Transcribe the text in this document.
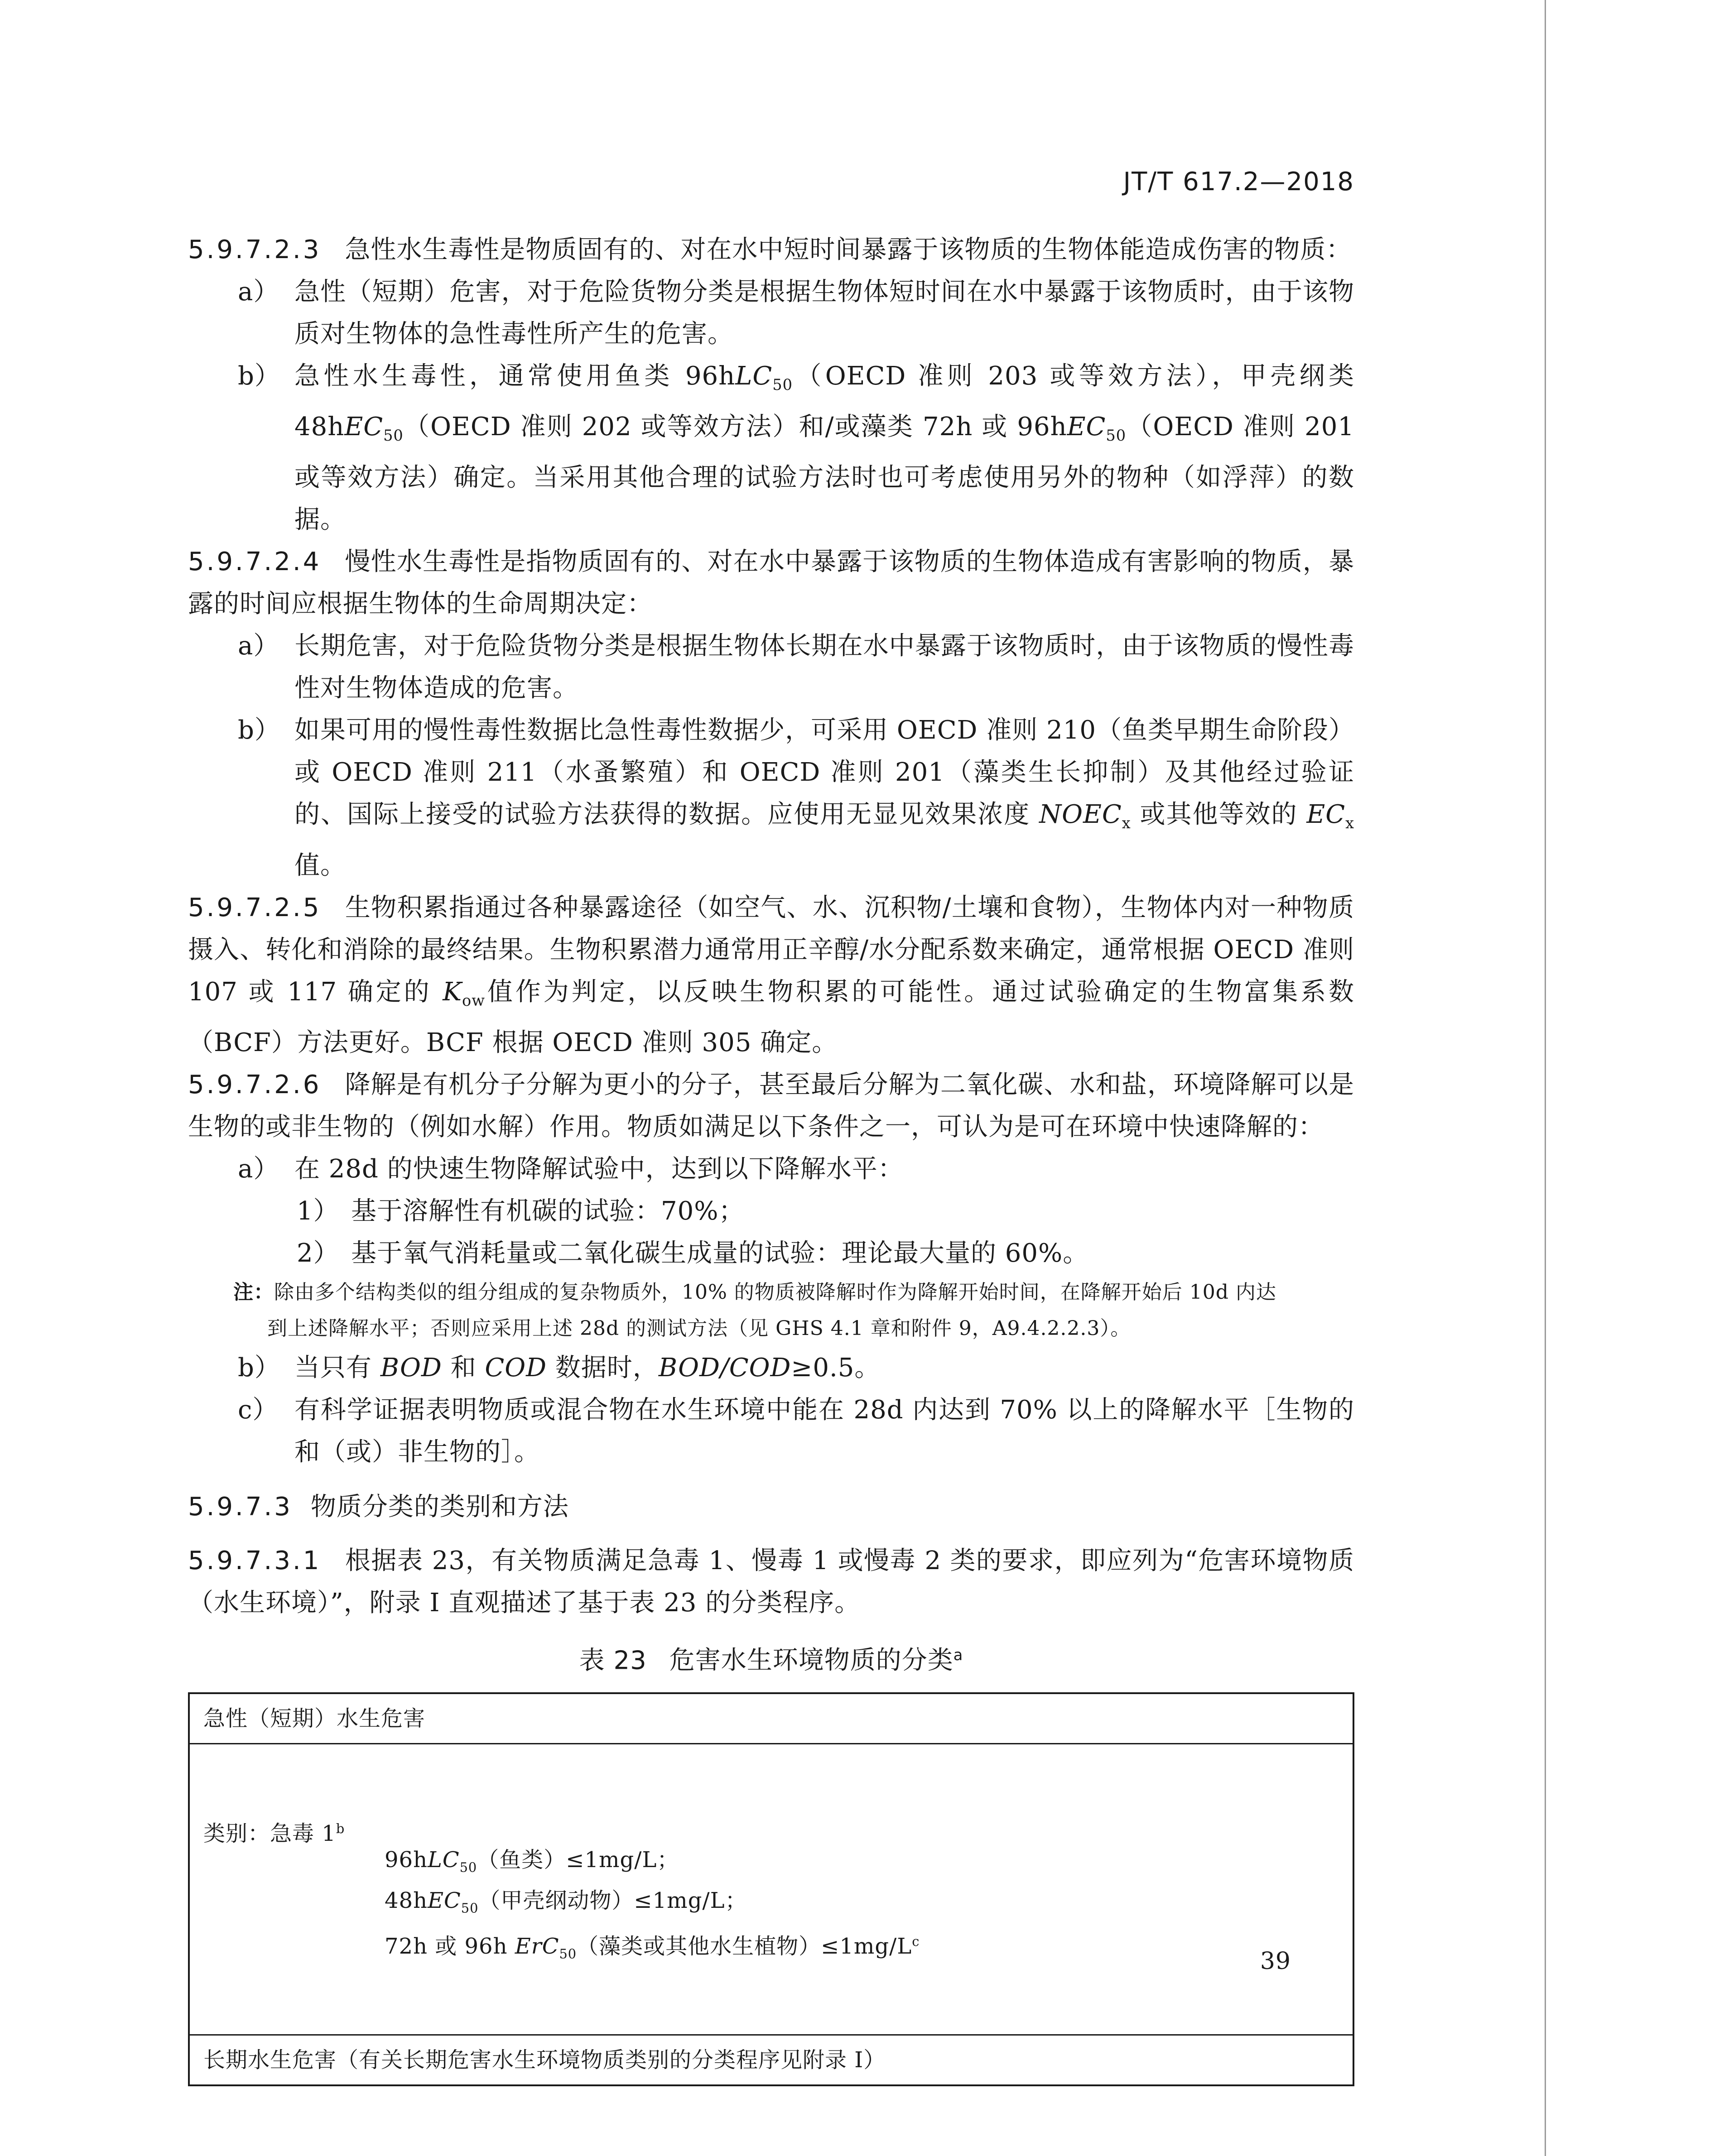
JT/T 617.2—2018

5.9.7.2.3 急性水生毒性是物质固有的、对在水中短时间暴露于该物质的生物体能造成伤害的物质：

a） 急性（短期）危害，对于危险货物分类是根据生物体短时间在水中暴露于该物质时，由于该物质对生物体的急性毒性所产生的危害。
b） 急性水生毒性，通常使用鱼类 96hLC$_{50}$（OECD 准则 203 或等效方法），甲壳纲类 48hEC$_{50}$（OECD 准则 202 或等效方法）和/或藻类 72h 或 96hEC$_{50}$（OECD 准则 201 或等效方法）确定。当采用其他合理的试验方法时也可考虑使用另外的物种（如浮萍）的数据。

5.9.7.2.4 慢性水生毒性是指物质固有的、对在水中暴露于该物质的生物体造成有害影响的物质，暴露的时间应根据生物体的生命周期决定：

a） 长期危害，对于危险货物分类是根据生物体长期在水中暴露于该物质时，由于该物质的慢性毒性对生物体造成的危害。
b） 如果可用的慢性毒性数据比急性毒性数据少，可采用 OECD 准则 210（鱼类早期生命阶段）或 OECD 准则 211（水蚤繁殖）和 OECD 准则 201（藻类生长抑制）及其他经过验证的、国际上接受的试验方法获得的数据。应使用无显见效果浓度 $NOEC_x$ 或其他等效的 $EC_x$值。

5.9.7.2.5 生物积累指通过各种暴露途径（如空气、水、沉积物/土壤和食物），生物体内对一种物质摄入、转化和消除的最终结果。生物积累潜力通常用正辛醇/水分配系数来确定，通常根据 OECD 准则 107 或 117 确定的 $K_{ow}$值作为判定，以反映生物积累的可能性。通过试验确定的生物富集系数（BCF）方法更好。BCF 根据 OECD 准则 305 确定。

5.9.7.2.6 降解是有机分子分解为更小的分子，甚至最后分解为二氧化碳、水和盐，环境降解可以是生物的或非生物的（例如水解）作用。物质如满足以下条件之一，可认为是可在环境中快速降解的：

a） 在 28d 的快速生物降解试验中，达到以下降解水平：
1） 基于溶解性有机碳的试验：70%；
2） 基于氧气消耗量或二氧化碳生成量的试验：理论最大量的 60%。
注：除由多个结构类似的组分组成的复杂物质外，10% 的物质被降解时作为降解开始时间，在降解开始后 10d 内达
到上述降解水平；否则应采用上述 28d 的测试方法（见 GHS 4.1 章和附件 9，A9.4.2.2.3）。
b） 当只有 BOD 和 COD 数据时，BOD/COD≥0.5。
c） 有科学证据表明物质或混合物在水生环境中能在 28d 内达到 70% 以上的降解水平［生物的和（或）非生物的］。

5.9.7.3 物质分类的类别和方法

5.9.7.3.1 根据表 23，有关物质满足急毒 1、慢毒 1 或慢毒 2 类的要求，即应列为“危害环境物质（水生环境）”，附录 I 直观描述了基于表 23 的分类程序。

表 23 危害水生环境物质的分类$^a$
急性（短期）水生危害
类别：急毒 1$^b$
96hLC$_{50}$（鱼类）≤1mg/L；
48hEC$_{50}$（甲壳纲动物）≤1mg/L；
72h 或 96h ErC$_{50}$（藻类或其他水生植物）$\le 1mg/L^c$
长期水生危害（有关长期危害水生环境物质类别的分类程序见附录 I）
39
